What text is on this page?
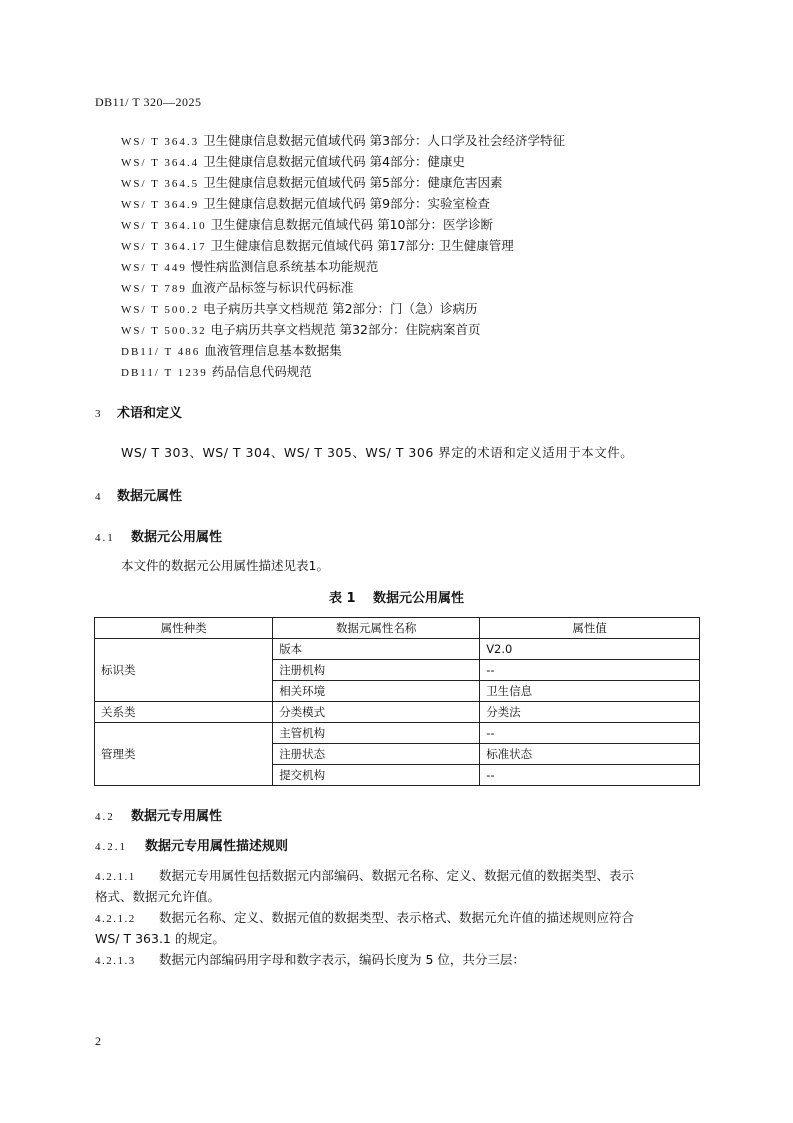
DB11/ T 320—2025
WS/ T 364.3 卫生健康信息数据元值域代码 第3部分：人口学及社会经济学特征
WS/ T 364.4 卫生健康信息数据元值域代码 第4部分：健康史
WS/ T 364.5 卫生健康信息数据元值域代码 第5部分：健康危害因素
WS/ T 364.9 卫生健康信息数据元值域代码 第9部分：实验室检查
WS/ T 364.10 卫生健康信息数据元值域代码 第10部分：医学诊断
WS/ T 364.17 卫生健康信息数据元值域代码 第17部分: 卫生健康管理
WS/ T 449 慢性病监测信息系统基本功能规范
WS/ T 789 血液产品标签与标识代码标准
WS/ T 500.2 电子病历共享文档规范 第2部分：门（急）诊病历
WS/ T 500.32 电子病历共享文档规范 第32部分：住院病案首页
DB11/ T 486 血液管理信息基本数据集
DB11/ T 1239 药品信息代码规范
3 术语和定义
WS/ T 303、WS/ T 304、WS/ T 305、WS/ T 306 界定的术语和定义适用于本文件。
4 数据元属性
4.1 数据元公用属性
本文件的数据元公用属性描述见表1。
表 1　 数据元公用属性
属性种类	数据元属性名称	属性值
标识类	版本	V2.0
	注册机构	--
	相关环境	卫生信息
关系类	分类模式	分类法
管理类	主管机构	--
	注册状态	标准状态
	提交机构	--
4.2 数据元专用属性
4.2.1 数据元专用属性描述规则
4.2.1.1 数据元专用属性包括数据元内部编码、数据元名称、定义、数据元值的数据类型、表示
格式、数据元允许值。
4.2.1.2 数据元名称、定义、数据元值的数据类型、表示格式、数据元允许值的描述规则应符合
WS/ T 363.1 的规定。
4.2.1.3 数据元内部编码用字母和数字表示，编码长度为 5 位，共分三层：
2
